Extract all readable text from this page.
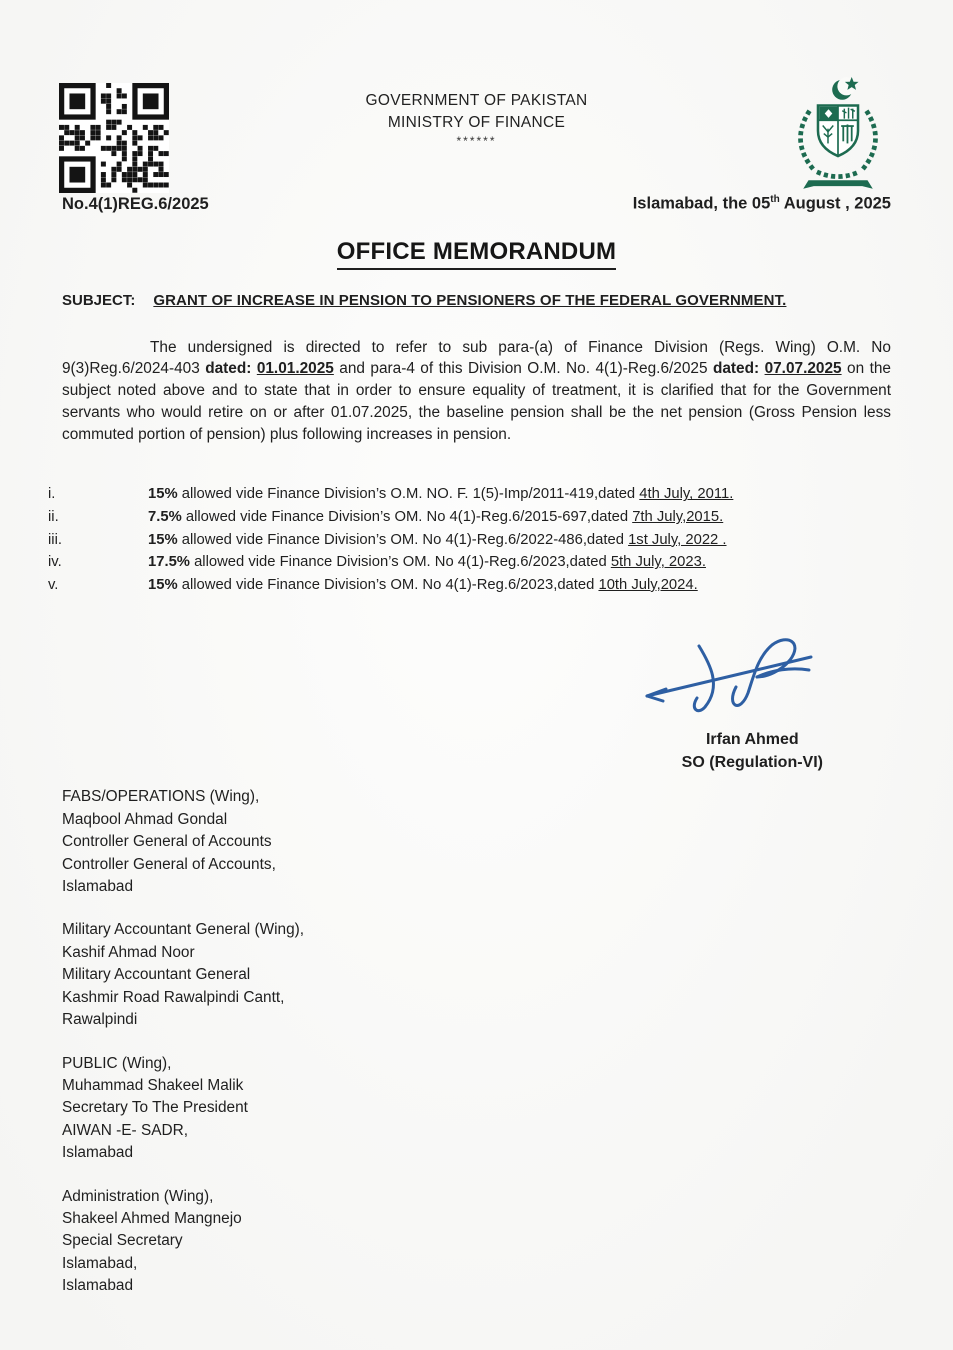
GOVERNMENT OF PAKISTAN
MINISTRY OF FINANCE
******
No.4(1)REG.6/2025	Islamabad, the 05th August , 2025
OFFICE MEMORANDUM
SUBJECT: GRANT OF INCREASE IN PENSION TO PENSIONERS OF THE FEDERAL GOVERNMENT.

The undersigned is directed to refer to sub para-(a) of Finance Division (Regs. Wing) O.M. No 9(3)Reg.6/2024-403 dated: 01.01.2025 and para-4 of this Division O.M. No. 4(1)-Reg.6/2025 dated: 07.07.2025 on the subject noted above and to state that in order to ensure equality of treatment, it is clarified that for the Government servants who would retire on or after 01.07.2025, the baseline pension shall be the net pension (Gross Pension less commuted portion of pension) plus following increases in pension.

i.	15% allowed vide Finance Division’s O.M. NO. F. 1(5)-Imp/2011-419,dated 4th July, 2011.
ii.	7.5% allowed vide Finance Division’s OM. No 4(1)-Reg.6/2015-697,dated 7th July,2015.
iii.	15% allowed vide Finance Division’s OM. No 4(1)-Reg.6/2022-486,dated 1st July, 2022 .
iv.	17.5% allowed vide Finance Division’s OM. No 4(1)-Reg.6/2023,dated 5th July, 2023.
v.	15% allowed vide Finance Division’s OM. No 4(1)-Reg.6/2023,dated 10th July,2024.
Irfan Ahmed
SO (Regulation-VI)
FABS/OPERATIONS (Wing),
Maqbool Ahmad Gondal
Controller General of Accounts
Controller General of Accounts,
Islamabad
Military Accountant General (Wing),
Kashif Ahmad Noor
Military Accountant General
Kashmir Road Rawalpindi Cantt,
Rawalpindi
PUBLIC (Wing),
Muhammad Shakeel Malik
Secretary To The President
AIWAN -E- SADR,
Islamabad
Administration (Wing),
Shakeel Ahmed Mangnejo
Special Secretary
Islamabad,
Islamabad
